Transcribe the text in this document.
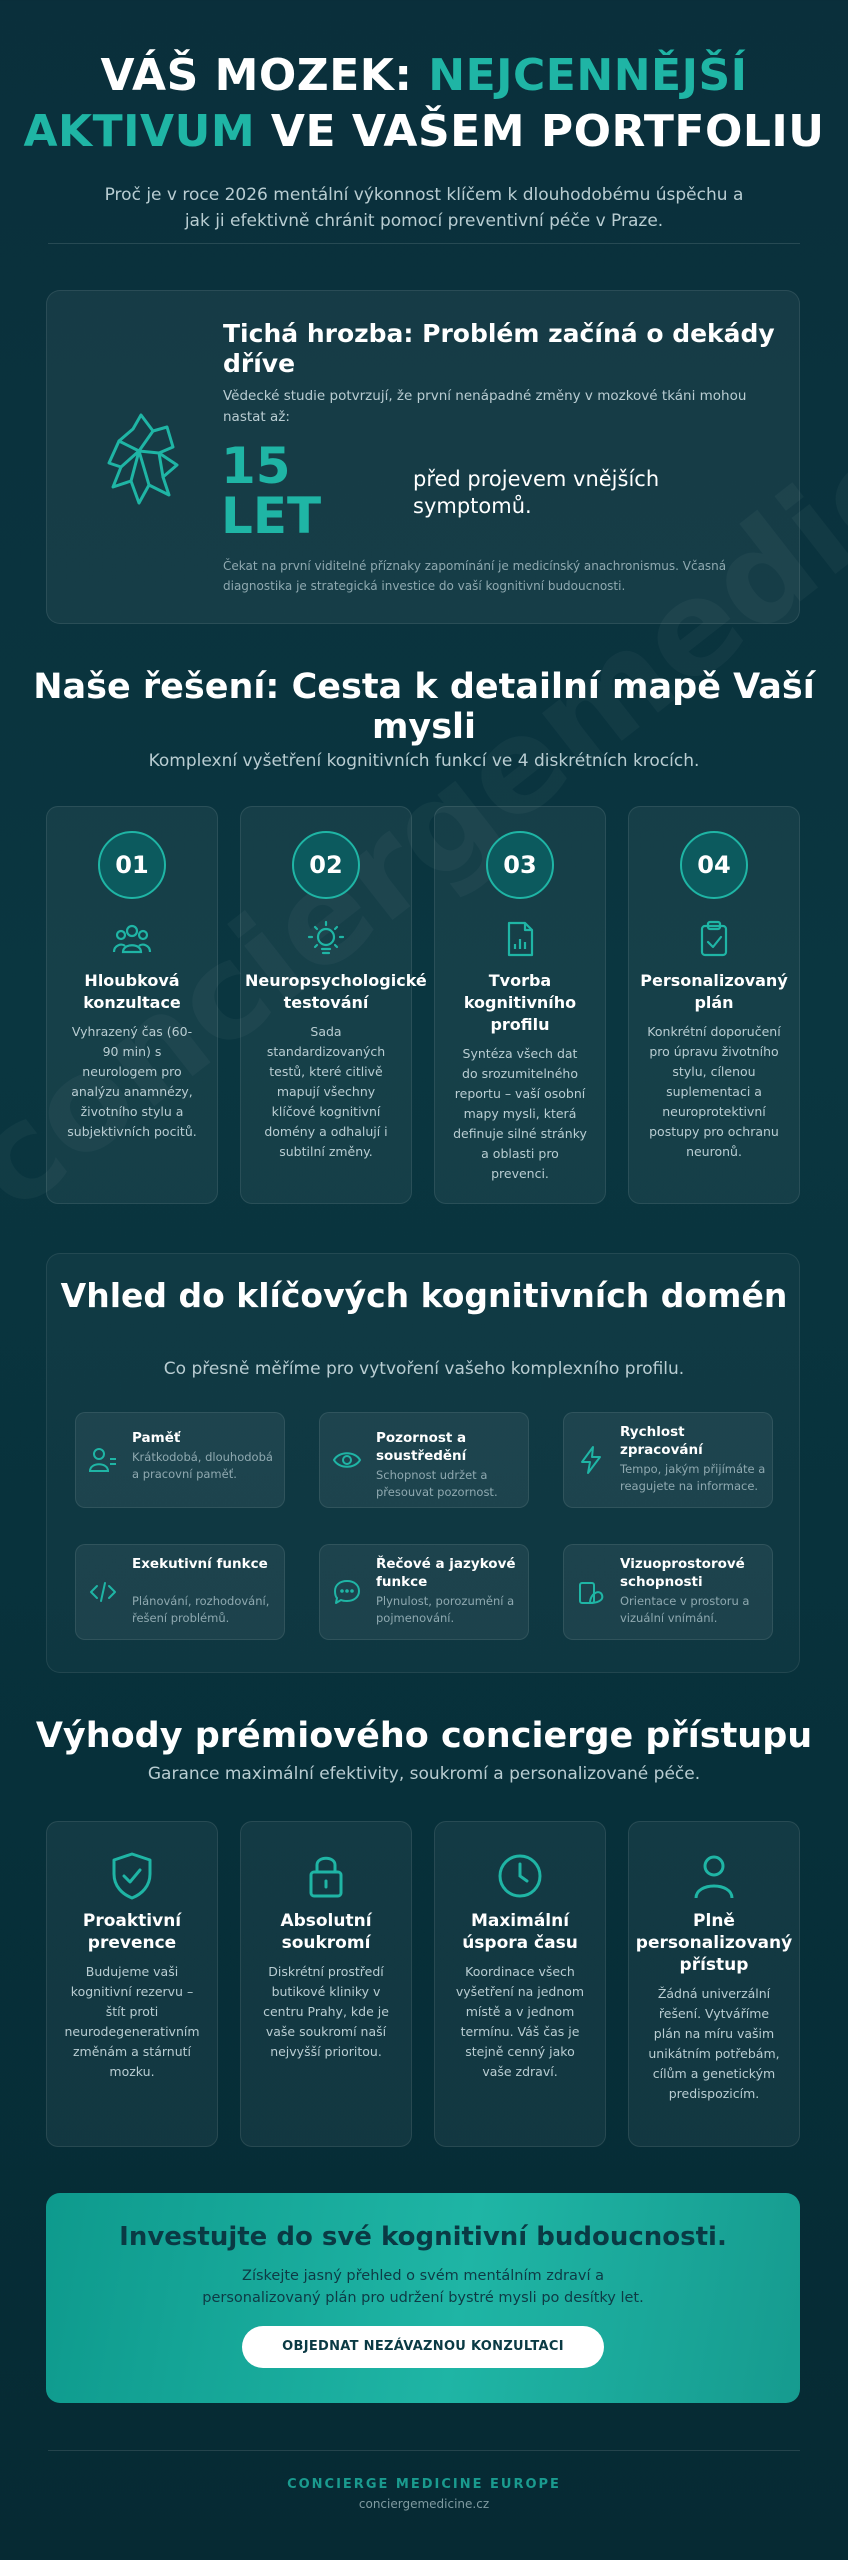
VÁŠ MOZEK: NEJCENNĚJŠÍ
AKTIVUM VE VAŠEM PORTFOLIU

Proč je v roce 2026 mentální výkonnost klíčem k dlouhodobému úspěchu a jak ji efektivně chránit pomocí preventivní péče v Praze.

Tichá hrozba: Problém začíná o dekády dříve

Vědecké studie potvrzují, že první nenápadné změny v mozkové tkáni mohou nastat až:

15
LET
před projevem vnějších symptomů.

Čekat na první viditelné příznaky zapomínání je medicínský anachronismus. Včasná diagnostika je strategická investice do vaší kognitivní budoucnosti.

Naše řešení: Cesta k detailní mapě Vaší mysli

Komplexní vyšetření kognitivních funkcí ve 4 diskrétních krocích.

01
Hloubková konzultace

Vyhrazený čas (60-90 min) s neurologem pro analýzu anamnézy, životního stylu a subjektivních pocitů.

02
Neuropsychologické testování

Sada standardizovaných testů, které citlivě mapují všechny klíčové kognitivní domény a odhalují i subtilní změny.

03
Tvorba kognitivního profilu

Syntéza všech dat do srozumitelného reportu – vaší osobní mapy mysli, která definuje silné stránky a oblasti pro prevenci.

04
Personalizovaný plán

Konkrétní doporučení pro úpravu životního stylu, cílenou suplementaci a neuroprotektivní postupy pro ochranu neuronů.

Vhled do klíčových kognitivních domén

Co přesně měříme pro vytvoření vašeho komplexního profilu.

Paměť
Krátkodobá, dlouhodobá a pracovní paměť.
Pozornost a soustředění
Schopnost udržet a přesouvat pozornost.
Rychlost zpracování
Tempo, jakým přijímáte a reagujete na informace.
Exekutivní funkce
Plánování, rozhodování, řešení problémů.
Řečové a jazykové funkce
Plynulost, porozumění a pojmenování.
Vizuoprostorové schopnosti
Orientace v prostoru a vizuální vnímání.
Výhody prémiového concierge přístupu

Garance maximální efektivity, soukromí a personalizované péče.

Proaktivní prevence

Budujeme vaši kognitivní rezervu – štít proti neurodegenerativním změnám a stárnutí mozku.

Absolutní soukromí

Diskrétní prostředí butikové kliniky v centru Prahy, kde je vaše soukromí naší nejvyšší prioritou.

Maximální úspora času

Koordinace všech vyšetření na jednom místě a v jednom termínu. Váš čas je stejně cenný jako vaše zdraví.

Plně personalizovaný přístup

Žádná univerzální řešení. Vytváříme plán na míru vašim unikátním potřebám, cílům a genetickým predispozicím.

Investujte do své kognitivní budoucnosti.

Získejte jasný přehled o svém mentálním zdraví a personalizovaný plán pro udržení bystré mysli po desítky let.

OBJEDNAT NEZÁVAZNOU KONZULTACI
CONCIERGE MEDICINE EUROPE
conciergemedicine.cz
